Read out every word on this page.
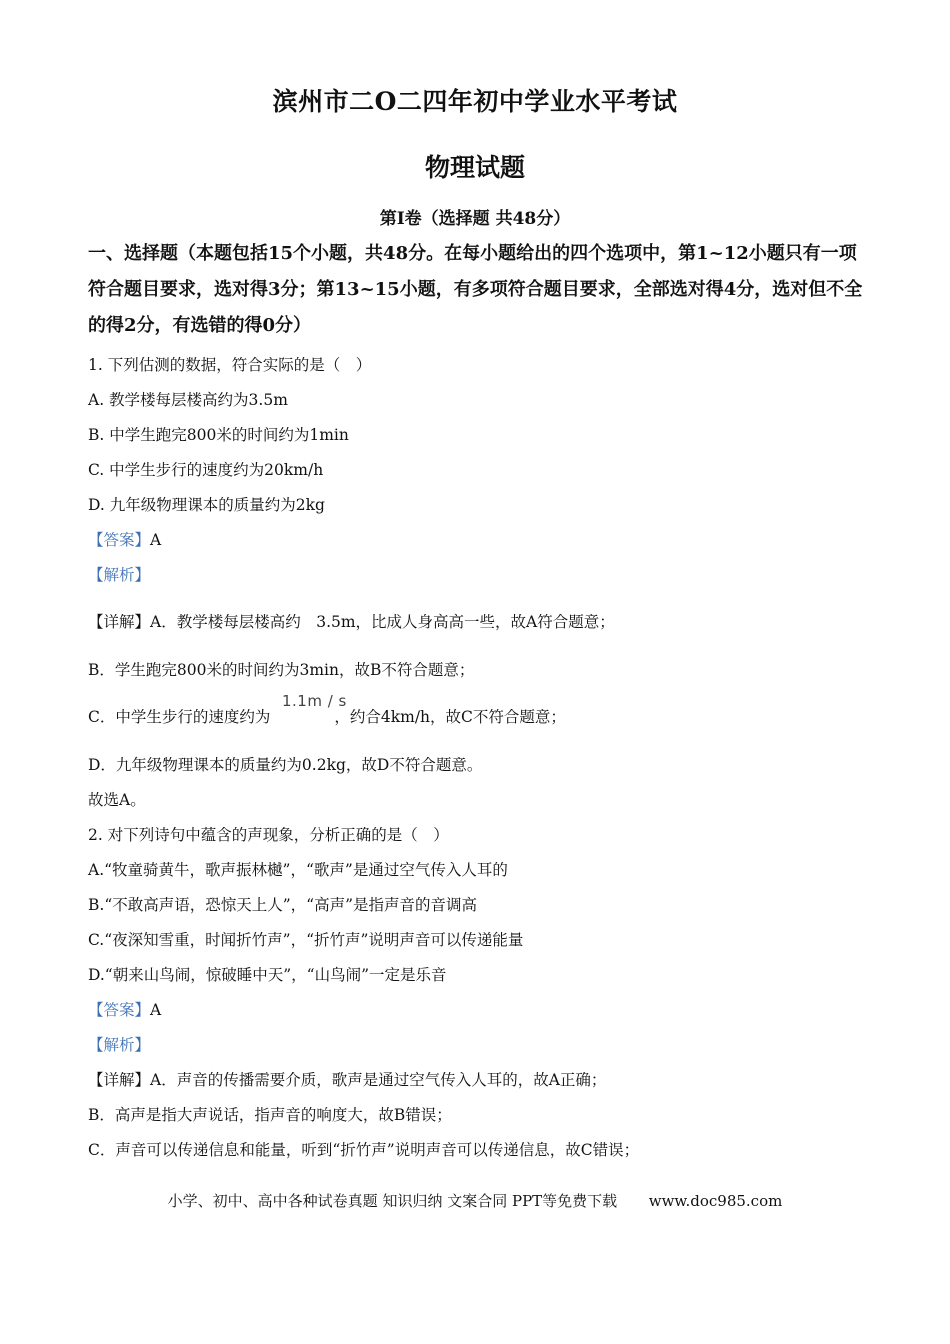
滨州市二O二四年初中学业水平考试
物理试题
第Ⅰ卷（选择题 共48分）
一、选择题（本题包括15个小题，共48分。在每小题给出的四个选项中，第1~12小题只有一项符合题目要求，选对得3分；第13~15小题，有多项符合题目要求，全部选对得4分，选对但不全的得2分，有选错的得0分）
1. 下列估测的数据，符合实际的是（　）
A. 教学楼每层楼高约为3.5m
B. 中学生跑完800米的时间约为1min
C. 中学生步行的速度约为20km/h
D. 九年级物理课本的质量约为2kg
【答案】A
【解析】
【详解】A．教学楼每层楼高约　3.5m，比成人身高高一些，故A符合题意；
B．学生跑完800米的时间约为3min，故B不符合题意；
C．中学生步行的速度约为	，约合4km/h，故C不符合题意；
1.1m / s
D．九年级物理课本的质量约为0.2kg，故D不符合题意。
故选A。
2. 对下列诗句中蕴含的声现象，分析正确的是（　）
A.“牧童骑黄牛，歌声振林樾”，“歌声”是通过空气传入人耳的
B.“不敢高声语，恐惊天上人”，“高声”是指声音的音调高
C.“夜深知雪重，时闻折竹声”，“折竹声”说明声音可以传递能量
D.“朝来山鸟闹，惊破睡中天”，“山鸟闹”一定是乐音
【答案】A
【解析】
【详解】A．声音的传播需要介质，歌声是通过空气传入人耳的，故A正确；
B．高声是指大声说话，指声音的响度大，故B错误；
C．声音可以传递信息和能量，听到“折竹声”说明声音可以传递信息，故C错误；
小学、初中、高中各种试卷真题 知识归纳 文案合同 PPT等免费下载 www.doc985.com
